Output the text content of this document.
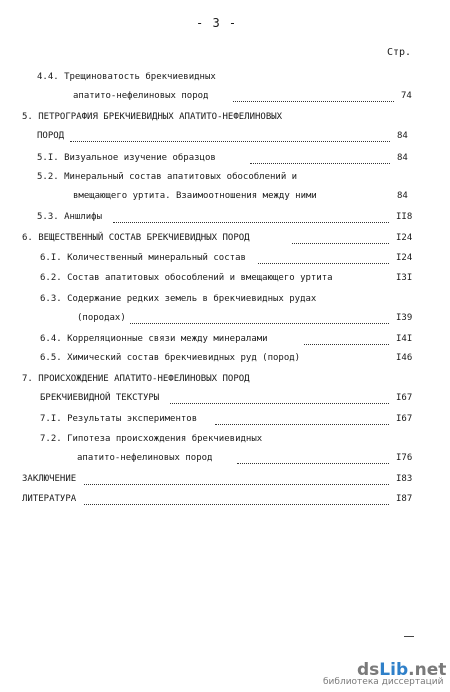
- 3 -
Стр.
4.4. Трещиноватость брекчиевидных
апатито-нефелиновых пород	74
5. ПЕТРОГРАФИЯ БРЕКЧИЕВИДНЫХ АПАТИТО-НЕФЕЛИНОВЫХ
ПОРОД	84
5.I. Визуальное изучение образцов	84
5.2. Минеральный состав апатитовых обособлений и
вмещающего уртита. Взаимоотношения между ними	84
5.3. Аншлифы	II8
6. ВЕЩЕСТВЕННЫЙ СОСТАВ БРЕКЧИЕВИДНЫХ ПОРОД	I24
6.I. Количественный минеральный состав	I24
6.2. Состав апатитовых обособлений и вмещающего уртита	I3I
6.3. Содержание редких земель в брекчиевидных рудах
(породах)	I39
6.4. Корреляционные связи между минералами	I4I
6.5. Химический состав брекчиевидных руд (пород)	I46
7. ПРОИСХОЖДЕНИЕ АПАТИТО-НЕФЕЛИНОВЫХ ПОРОД
БРЕКЧИЕВИДНОЙ ТЕКСТУРЫ	I67
7.I. Результаты экспериментов	I67
7.2. Гипотеза происхождения брекчиевидных
апатито-нефелиновых пород	I76
ЗАКЛЮЧЕНИЕ	I83
ЛИТЕРАТУРА	I87
dsLib.net
библиотека диссертаций
